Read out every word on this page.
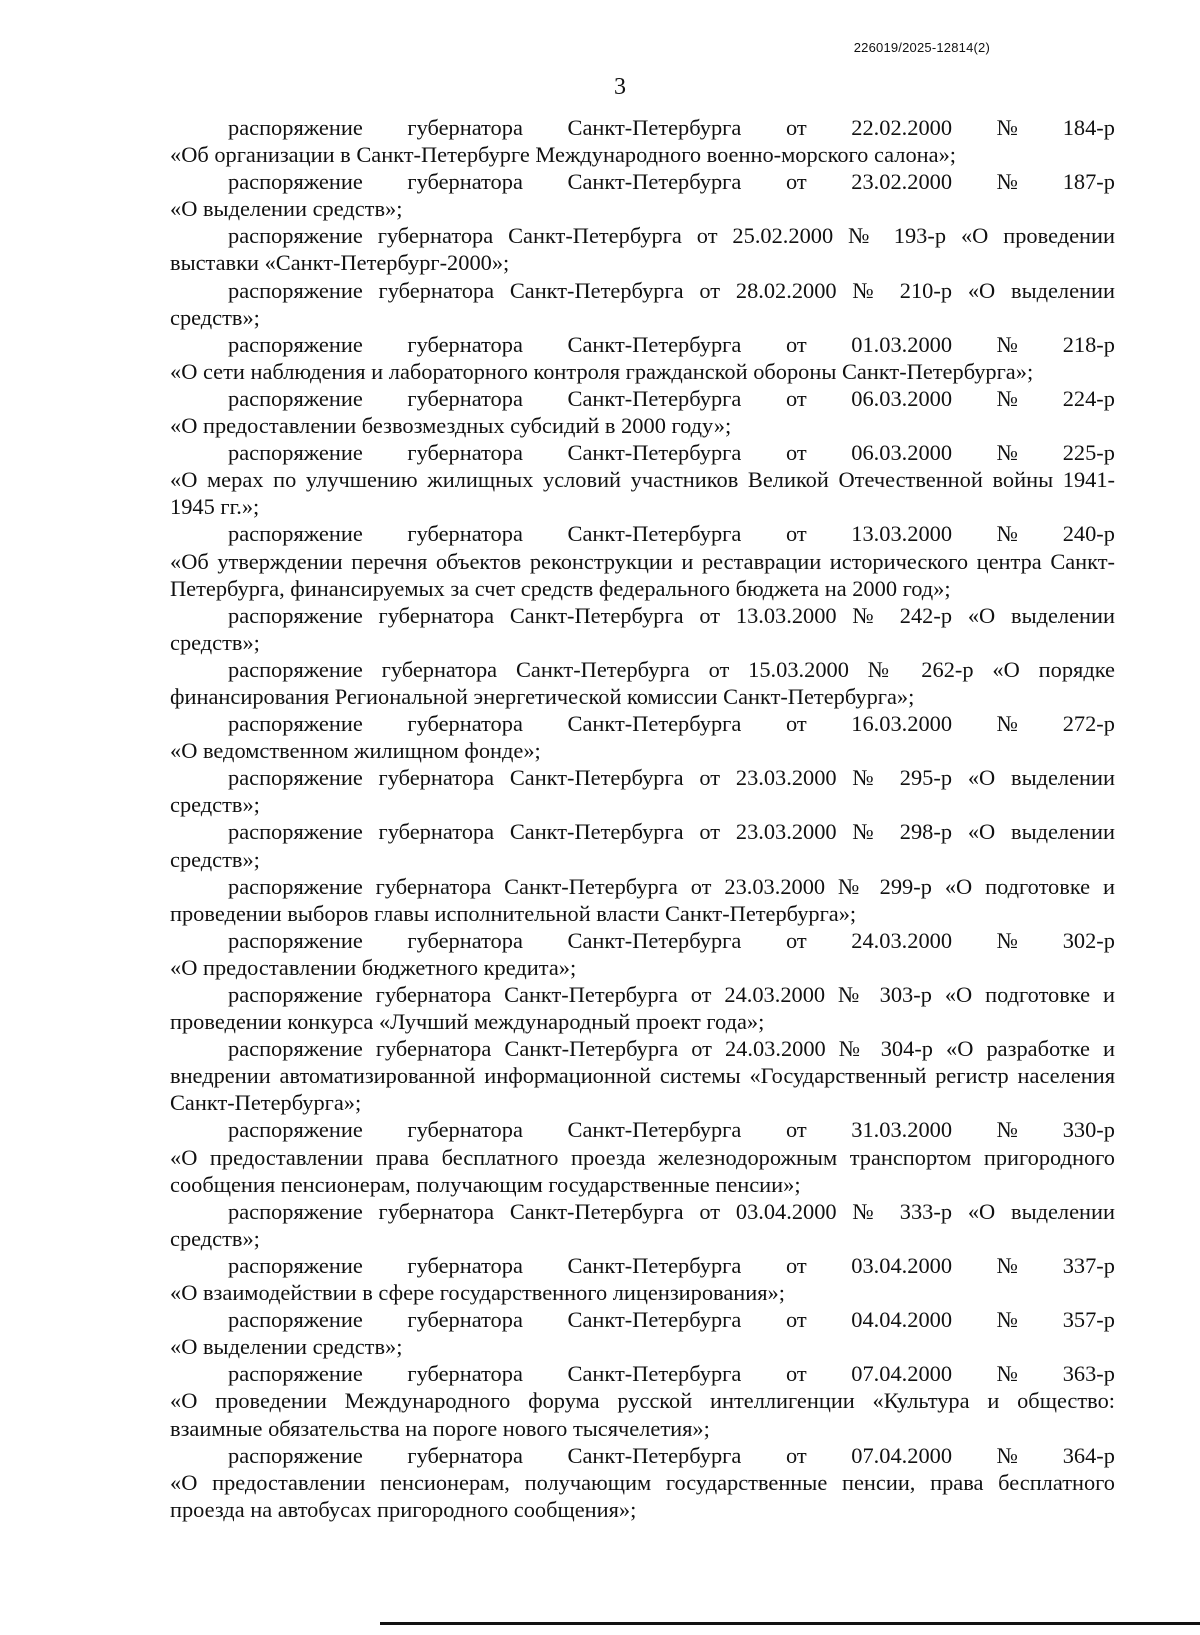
226019/2025-12814(2)
3
распоряжение губернатора Санкт-Петербурга от 22.02.2000 № 184-р
«Об организации в Санкт-Петербурге Международного военно-морского салона»;
распоряжение губернатора Санкт-Петербурга от 23.02.2000 № 187-р
«О выделении средств»;
распоряжение губернатора Санкт-Петербурга от 25.02.2000 № 193-р «О проведении выставки «Санкт-Петербург-2000»;
распоряжение губернатора Санкт-Петербурга от 28.02.2000 № 210-р «О выделении средств»;
распоряжение губернатора Санкт-Петербурга от 01.03.2000 № 218-р
«О сети наблюдения и лабораторного контроля гражданской обороны Санкт-Петербурга»;
распоряжение губернатора Санкт-Петербурга от 06.03.2000 № 224-р
«О предоставлении безвозмездных субсидий в 2000 году»;
распоряжение губернатора Санкт-Петербурга от 06.03.2000 № 225-р
«О мерах по улучшению жилищных условий участников Великой Отечественной войны 1941-1945 гг.»;
распоряжение губернатора Санкт-Петербурга от 13.03.2000 № 240-р
«Об утверждении перечня объектов реконструкции и реставрации исторического центра Санкт-Петербурга, финансируемых за счет средств федерального бюджета на 2000 год»;
распоряжение губернатора Санкт-Петербурга от 13.03.2000 № 242-р «О выделении средств»;
распоряжение губернатора Санкт-Петербурга от 15.03.2000 № 262-р «О порядке финансирования Региональной энергетической комиссии Санкт-Петербурга»;
распоряжение губернатора Санкт-Петербурга от 16.03.2000 № 272-р
«О ведомственном жилищном фонде»;
распоряжение губернатора Санкт-Петербурга от 23.03.2000 № 295-р «О выделении средств»;
распоряжение губернатора Санкт-Петербурга от 23.03.2000 № 298-р «О выделении средств»;
распоряжение губернатора Санкт-Петербурга от 23.03.2000 № 299-р «О подготовке и проведении выборов главы исполнительной власти Санкт-Петербурга»;
распоряжение губернатора Санкт-Петербурга от 24.03.2000 № 302-р
«О предоставлении бюджетного кредита»;
распоряжение губернатора Санкт-Петербурга от 24.03.2000 № 303-р «О подготовке и проведении конкурса «Лучший международный проект года»;
распоряжение губернатора Санкт-Петербурга от 24.03.2000 № 304-р «О разработке и внедрении автоматизированной информационной системы «Государственный регистр населения Санкт-Петербурга»;
распоряжение губернатора Санкт-Петербурга от 31.03.2000 № 330-р
«О предоставлении права бесплатного проезда железнодорожным транспортом пригородного сообщения пенсионерам, получающим государственные пенсии»;
распоряжение губернатора Санкт-Петербурга от 03.04.2000 № 333-р «О выделении средств»;
распоряжение губернатора Санкт-Петербурга от 03.04.2000 № 337-р
«О взаимодействии в сфере государственного лицензирования»;
распоряжение губернатора Санкт-Петербурга от 04.04.2000 № 357-р
«О выделении средств»;
распоряжение губернатора Санкт-Петербурга от 07.04.2000 № 363-р
«О проведении Международного форума русской интеллигенции «Культура и общество: взаимные обязательства на пороге нового тысячелетия»;
распоряжение губернатора Санкт-Петербурга от 07.04.2000 № 364-р
«О предоставлении пенсионерам, получающим государственные пенсии, права бесплатного проезда на автобусах пригородного сообщения»;
